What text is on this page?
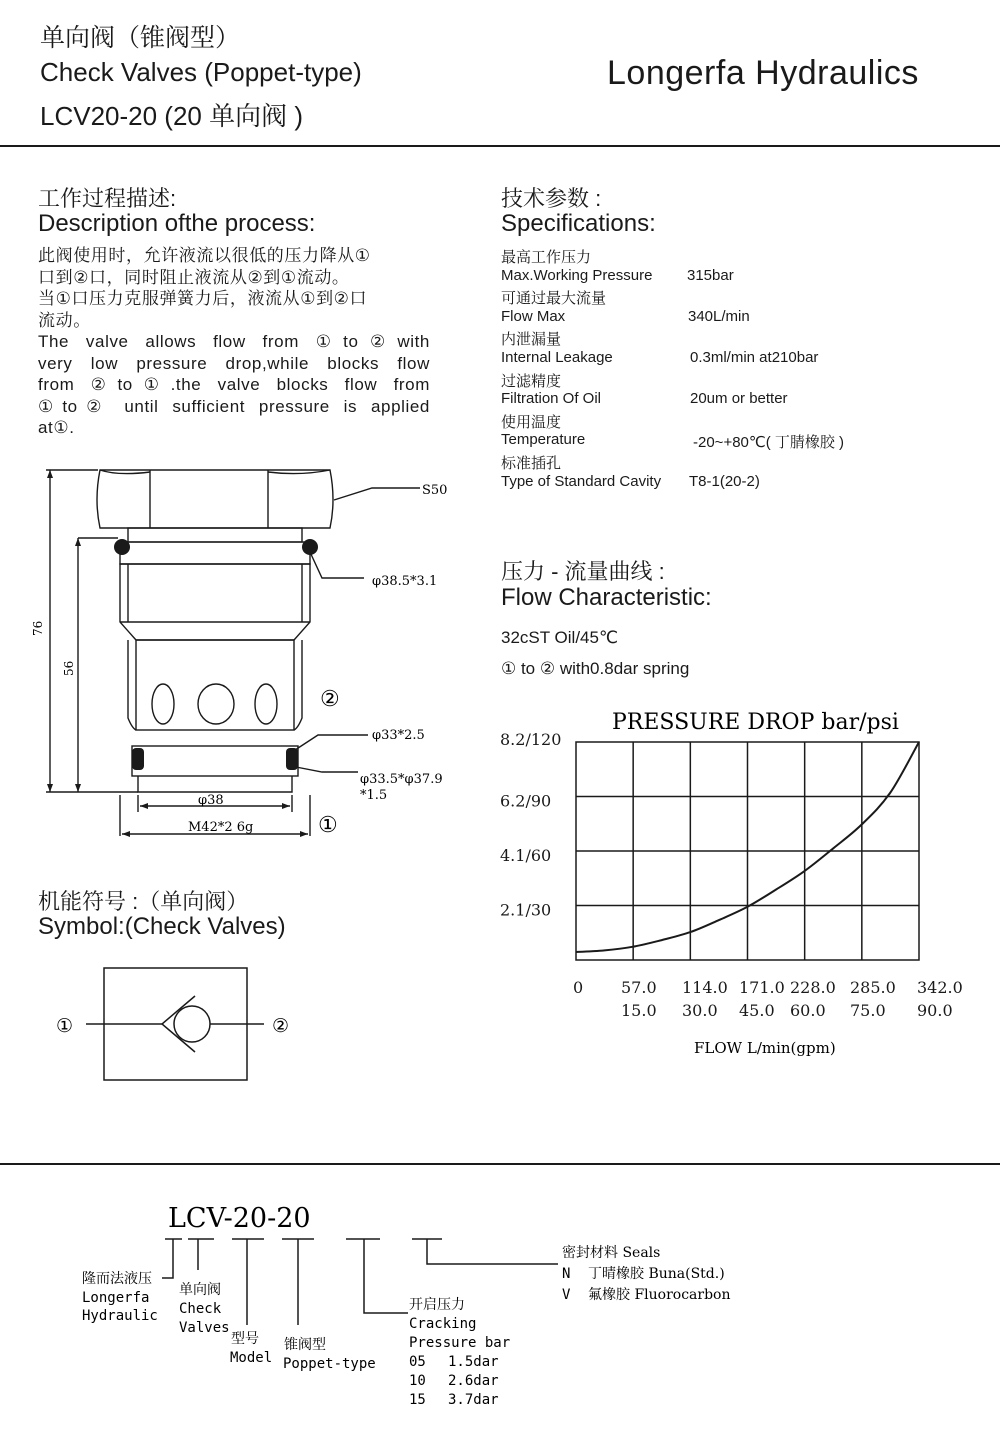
单向阀（锥阀型）
Check Valves (Poppet-type)
LCV20-20 (20 单向阀 )
Longerfa Hydraulics
工作过程描述:
Description ofthe process:
此阀使用时，允许液流以很低的压力降从①
口到②口，同时阻止液流从②到①流动。
当①口压力克服弹簧力后，液流从①到②口
流动。
The valve allows flow from ①to②with
very low pressure drop,while blocks flow
from ②to①.the valve blocks flow from
①to② until sufficient pressure is applied
at①.
技术参数 :
Specifications:
最高工作压力
Max.Working Pressure 315bar
可通过最大流量
Flow Max	340L/min
内泄漏量
Internal Leakage	0.3ml/min at210bar
过滤精度
Filtration Of Oil	20um or better
使用温度
Temperature	-20~+80℃( 丁腈橡胶 )
标准插孔
Type of Standard Cavity T8-1(20-2)
压力 - 流量曲线 :
Flow Characteristic:
32cST Oil/45℃
① to ② with0.8dar spring
S50
φ38.5*3.1
②
φ33*2.5
φ33.5*φ37.9
*1.5
φ38
M42*2 6g	①
76
56
机能符号 :（单向阀）
Symbol:(Check Valves)
①	②
PRESSURE DROP bar/psi
2.1/30
4.1/60
6.2/90
8.2/120
0 57.0 114.0 171.0 228.0 285.0 342.0
15.0 30.0 45.0 60.0 75.0 90.0
FLOW L/min(gpm)
LCV-20-20
隆而法液压
Longerfa
Hydraulic
单向阀
Check
Valves
型号
Model
锥阀型
Poppet-type
开启压力
Cracking
Pressure bar
05 1.5dar
10 2.6dar
15 3.7dar
密封材料 Seals
N 丁晴橡胶 Buna(Std.)
V 氟橡胶 Fluorocarbon
